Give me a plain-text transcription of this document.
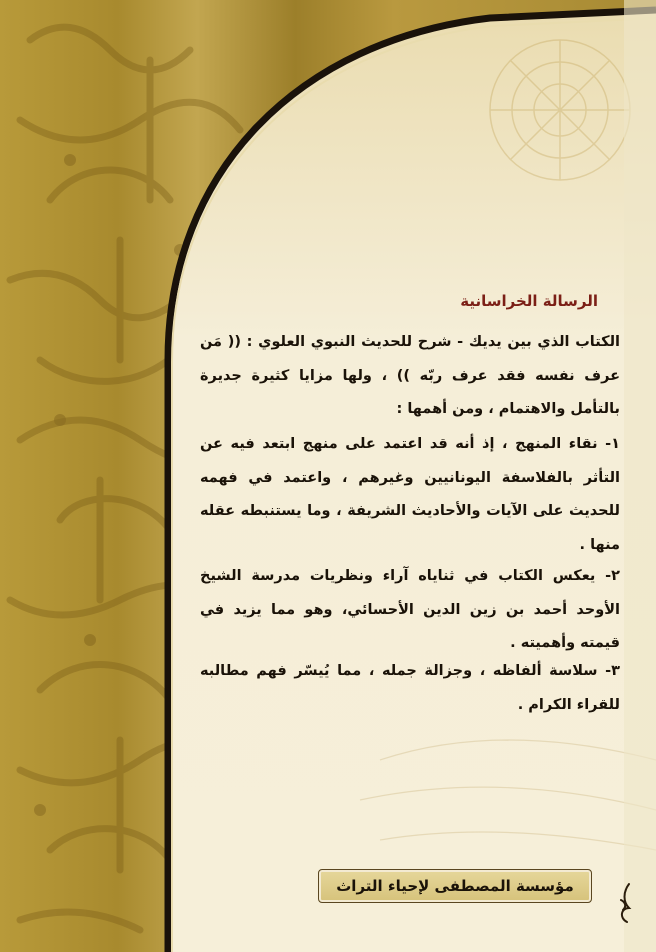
الرسالة الخراسانية

الكتاب الذي بين يديك - شرح للحديث النبوي العلوي : (( مَن عرف نفسه فقد عرف ربّه )) ، ولها مزايا كثيرة جديرة بالتأمل والاهتمام ، ومن أهمها :

١- نقاء المنهج ، إذ أنه قد اعتمد على منهج ابتعد فيه عن التأثر بالفلاسفة اليونانيين وغيرهم ، واعتمد في فهمه للحديث على الآيات والأحاديث الشريفة ، وما يستنبطه عقله منها .

٢- يعكس الكتاب في ثناياه آراء ونظريات مدرسة الشيخ الأوحد أحمد بن زين الدين الأحسائي، وهو مما يزيد في قيمته وأهميته .

٣- سلاسة ألفاظه ، وجزالة جمله ، مما يُيسّر فهم مطالبه للقراء الكرام .

مؤسسة المصطفى لإحياء التراث
